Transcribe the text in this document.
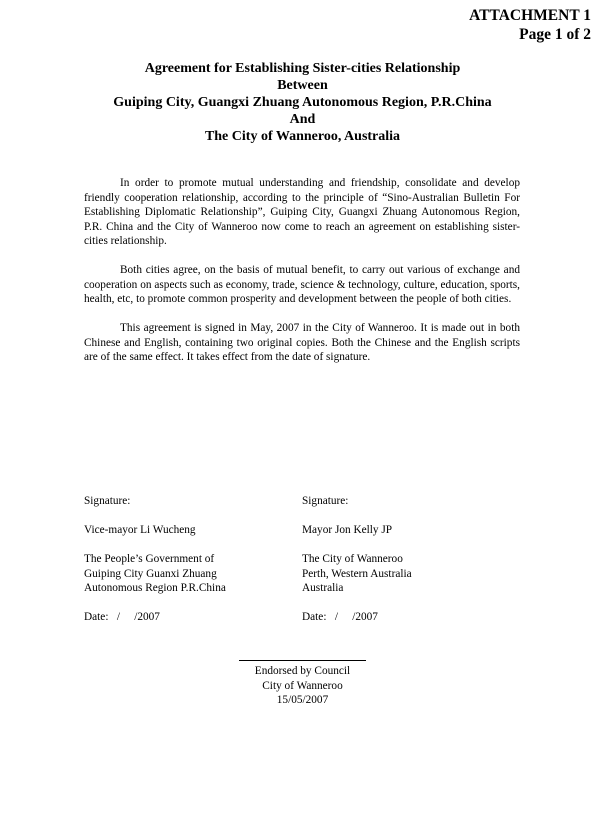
ATTACHMENT 1
Page 1 of 2
Agreement for Establishing Sister-cities Relationship
Between
Guiping City, Guangxi Zhuang Autonomous Region, P.R.China
And
The City of Wanneroo, Australia

In order to promote mutual understanding and friendship, consolidate and develop friendly cooperation relationship, according to the principle of “Sino-Australian Bulletin For Establishing Diplomatic Relationship”, Guiping City, Guangxi Zhuang Autonomous Region, P.R. China and the City of Wanneroo now come to reach an agreement on establishing sister-cities relationship.

Both cities agree, on the basis of mutual benefit, to carry out various of exchange and cooperation on aspects such as economy, trade, science & technology, culture, education, sports, health, etc, to promote common prosperity and development between the people of both cities.

This agreement is signed in May, 2007 in the City of Wanneroo. It is made out in both Chinese and English, containing two original copies. Both the Chinese and the English scripts are of the same effect. It takes effect from the date of signature.

Signature:
Vice-mayor Li Wucheng
The People’s Government of
Guiping City Guanxi Zhuang
Autonomous Region P.R.China
Date:   /     /2007
Signature:
Mayor Jon Kelly JP
The City of Wanneroo
Perth, Western Australia
Australia
Date:   /     /2007
Endorsed by Council
City of Wanneroo
15/05/2007
